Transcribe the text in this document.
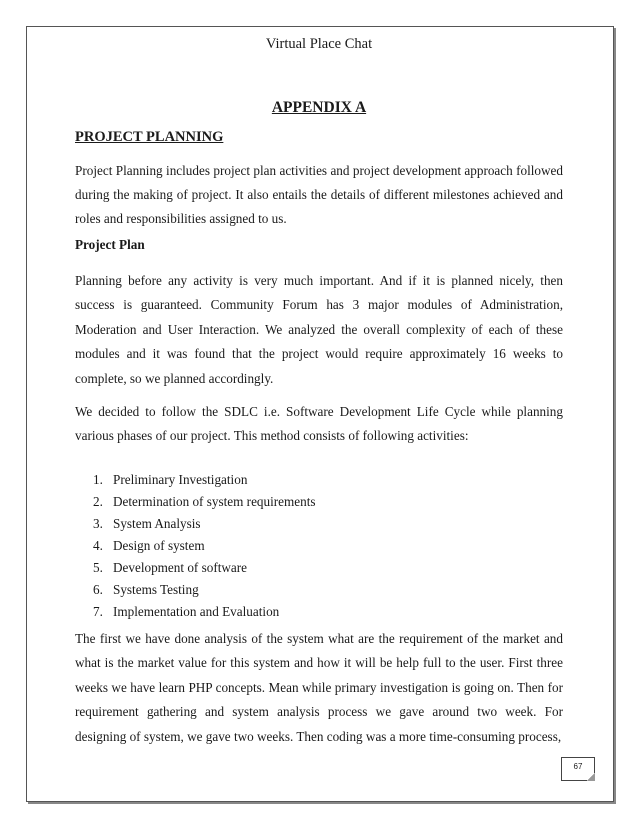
Virtual Place Chat
APPENDIX A
PROJECT PLANNING

Project Planning includes project plan activities and project development approach followed during the making of project. It also entails the details of different milestones achieved and roles and responsibilities assigned to us.

Project Plan

Planning before any activity is very much important. And if it is planned nicely, then success is guaranteed. Community Forum has 3 major modules of Administration, Moderation and User Interaction. We analyzed the overall complexity of each of these modules and it was found that the project would require approximately 16 weeks to complete, so we planned accordingly.

We decided to follow the SDLC i.e. Software Development Life Cycle while planning various phases of our project. This method consists of following activities:

1. Preliminary Investigation
2. Determination of system requirements
3. System Analysis
4. Design of system
5. Development of software
6. Systems Testing
7. Implementation and Evaluation

The first we have done analysis of the system what are the requirement of the market and what is the market value for this system and how it will be help full to the user. First three weeks we have learn PHP concepts. Mean while primary investigation is going on. Then for requirement gathering and system analysis process we gave around two week. For designing of system, we gave two weeks. Then coding was a more time-consuming process,

67
